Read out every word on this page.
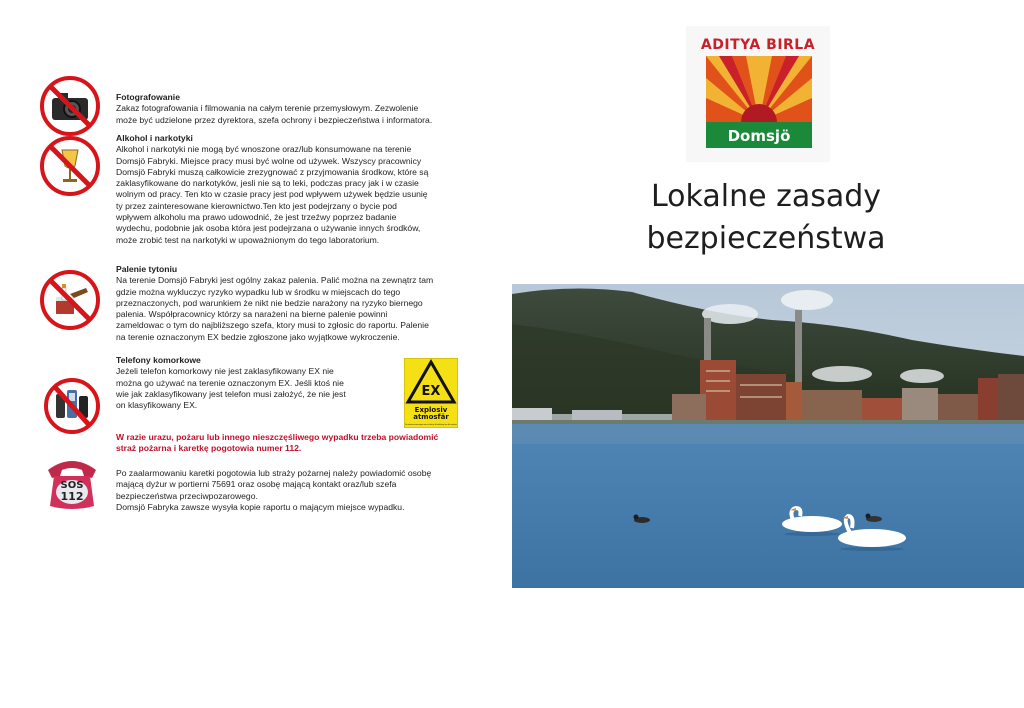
SOS
112
EX
Explosiv
atmosfär
För arbetsutrustningar som är farlig, då strålning kan bli explosiv
Fotografowanie
Zakaz fotografowania i filmowania na całym terenie przemysłowym. Zezwolenie
może być udzielone przez dyrektora, szefa ochrony i bezpieczeństwa i informatora.
Alkohol i narkotyki
Alkohol i narkotyki nie mogą być wnoszone oraz/lub konsumowane na terenie
Domsjö Fabryki. Miejsce pracy musi być wolne od używek. Wszyscy pracownicy
Domsjö Fabryki muszą całkowicie zrezygnować z przyjmowania środkow, które są
zaklasyfikowane do narkotyków, jesli nie są to leki, podczas pracy jak i w czasie
wolnym od pracy. Ten kto w czasie pracy jest pod wpływem używek będzie usunię
ty przez zainteresowane kierownictwo.Ten kto jest podejrzany o bycie pod
wpływem alkoholu ma prawo udowodnić, że jest trzeźwy poprzez badanie
wydechu, podobnie jak osoba która jest podejrzana o używanie innych środków,
może zrobić test na narkotyki w upoważnionym do tego laboratorium.
Palenie tytoniu
Na terenie Domsjö Fabryki jest ogólny zakaz palenia. Palić można na zewnątrz tam
gdzie można wykluczyc ryzyko wypadku lub w środku w miejscach do tego
przeznaczonych, pod warunkiem że nikt nie bedzie narażony na ryzyko biernego
palenia. Współpracownicy którzy sa narażeni na bierne palenie powinni
zameldowac o tym do najbliższego szefa, ktory musi to zgłosic do raportu. Palenie
na terenie oznaczonym EX bedzie zgłoszone jako wyjątkowe wykroczenie.
Telefony komorkowe
Jeżeli telefon komorkowy nie jest zaklasyfikowany EX nie
można go używać na terenie oznaczonym EX. Jeśli ktoś nie
wie jak zaklasyfikowany jest telefon musi założyć, że nie jest
on klasyfikowany EX.
W razie urazu, pożaru lub innego nieszczęśliwego wypadku trzeba powiadomić
straż pożarna i karetkę pogotowia numer 112.
Po zaalarmowaniu karetki pogotowia lub straży pożarnej należy powiadomić osobę
mającą dyżur w portierni 75691 oraz osobę mającą kontakt oraz/lub szefa
bezpieczeństwa przeciwpozarowego.
Domsjö Fabryka zawsze wysyła kopie raportu o mającym miejsce wypadku.
ADITYA BIRLA
Domsjö
Lokalne zasady
bezpieczeństwa
